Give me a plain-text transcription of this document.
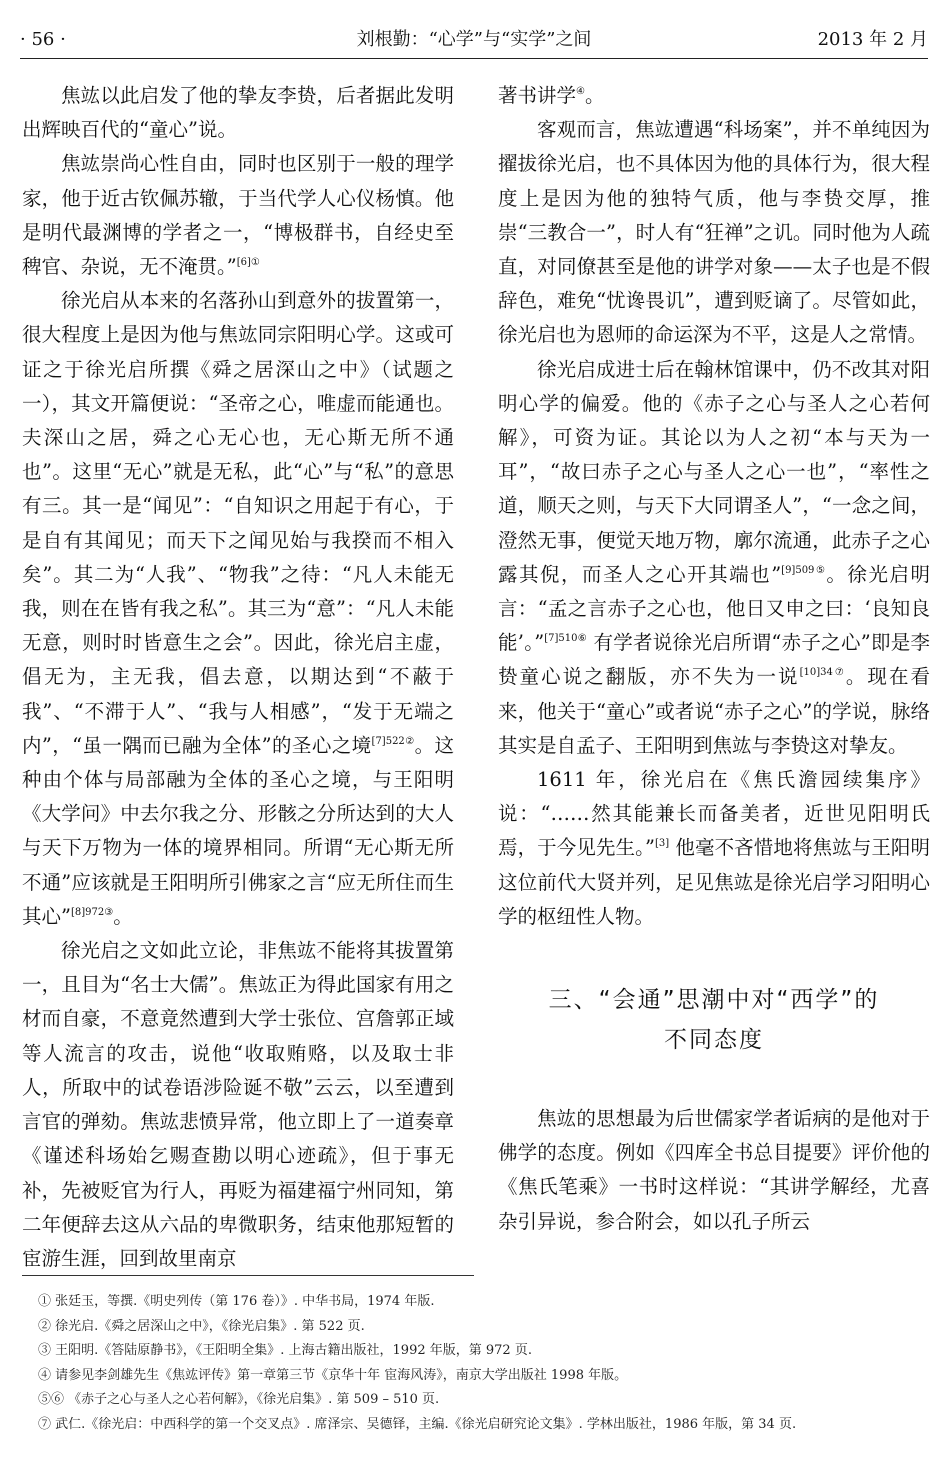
· 56 ·	刘根勤：“心学”与“实学”之间	2013 年 2 月

焦竑以此启发了他的挚友李贽，后者据此发明出辉映百代的“童心”说。

焦竑崇尚心性自由，同时也区别于一般的理学家，他于近古钦佩苏辙，于当代学人心仪杨慎。他是明代最渊博的学者之一，“博极群书，自经史至稗官、杂说，无不淹贯。”$^{[6]①}$

徐光启从本来的名落孙山到意外的拔置第一，很大程度上是因为他与焦竑同宗阳明心学。这或可证之于徐光启所撰《舜之居深山之中》（试题之一），其文开篇便说：“圣帝之心，唯虚而能通也。夫深山之居，舜之心无心也，无心斯无所不通也”。这里“无心”就是无私，此“心”与“私”的意思有三。其一是“闻见”：“自知识之用起于有心，于是自有其闻见；而天下之闻见始与我揆而不相入矣”。其二为“人我”、“物我”之待：“凡人未能无我，则在在皆有我之私”。其三为“意”：“凡人未能无意，则时时皆意生之会”。因此，徐光启主虚，倡无为，主无我，倡去意，以期达到“不蔽于我”、“不滞于人”、“我与人相感”，“发于无端之内”，“虽一隅而已融为全体”的圣心之境$^{[7]522②}$。这种由个体与局部融为全体的圣心之境，与王阳明《大学问》中去尔我之分、形骸之分所达到的大人与天下万物为一体的境界相同。所谓“无心斯无所不通”应该就是王阳明所引佛家之言“应无所住而生其心”$^{[8]972③}$。

徐光启之文如此立论，非焦竑不能将其拔置第一，且目为“名士大儒”。焦竑正为得此国家有用之材而自豪，不意竟然遭到大学士张位、宫詹郭正域等人流言的攻击，说他“收取贿赂，以及取士非人，所取中的试卷语涉险诞不敬”云云，以至遭到言官的弹劾。焦竑悲愤异常，他立即上了一道奏章《谨述科场始乞赐查勘以明心迹疏》，但于事无补，先被贬官为行人，再贬为福建福宁州同知，第二年便辞去这从六品的卑微职务，结束他那短暂的宦游生涯，回到故里南京

著书讲学④。

客观而言，焦竑遭遇“科场案”，并不单纯因为擢拔徐光启，也不具体因为他的具体行为，很大程度上是因为他的独特气质，他与李贽交厚，推崇“三教合一”，时人有“狂禅”之讥。同时他为人疏直，对同僚甚至是他的讲学对象——太子也是不假辞色，难免“忧谗畏讥”，遭到贬谪了。尽管如此，徐光启也为恩师的命运深为不平，这是人之常情。

徐光启成进士后在翰林馆课中，仍不改其对阳明心学的偏爱。他的《赤子之心与圣人之心若何解》，可资为证。其论以为人之初“本与天为一耳”，“故曰赤子之心与圣人之心一也”，“率性之道，顺天之则，与天下大同谓圣人”，“一念之间，澄然无事，便觉天地万物，廓尔流通，此赤子之心露其倪，而圣人之心开其端也”$^{[9]509⑤}$。徐光启明言：“孟之言赤子之心也，他日又申之曰：‘良知良能’。”$^{[7]510⑥}$ 有学者说徐光启所谓“赤子之心”即是李贽童心说之翻版，亦不失为一说$^{[10]34⑦}$。现在看来，他关于“童心”或者说“赤子之心”的学说，脉络其实是自孟子、王阳明到焦竑与李贽这对挚友。

1611 年，徐光启在《焦氏澹园续集序》说：“……然其能兼长而备美者，近世见阳明氏焉，于今见先生。”[3] 他毫不吝惜地将焦竑与王阳明这位前代大贤并列，足见焦竑是徐光启学习阳明心学的枢纽性人物。

三、“会通”思潮中对“西学”的
不同态度

焦竑的思想最为后世儒家学者诟病的是他对于佛学的态度。例如《四库全书总目提要》评价他的《焦氏笔乘》一书时这样说：“其讲学解经，尤喜杂引异说，参合附会，如以孔子所云

① 张廷玉，等撰.《明史列传（第 176 卷）》. 中华书局，1974 年版.
② 徐光启.《舜之居深山之中》，《徐光启集》. 第 522 页.
③ 王阳明.《答陆原静书》，《王阳明全集》. 上海古籍出版社，1992 年版，第 972 页.
④ 请参见李剑雄先生《焦竑评传》第一章第三节《京华十年 宦海风涛》，南京大学出版社 1998 年版。
⑤⑥ 《赤子之心与圣人之心若何解》，《徐光启集》. 第 509 – 510 页.
⑦ 武仁.《徐光启：中西科学的第一个交叉点》. 席泽宗、吴德铎，主编.《徐光启研究论文集》. 学林出版社，1986 年版，第 34 页.
